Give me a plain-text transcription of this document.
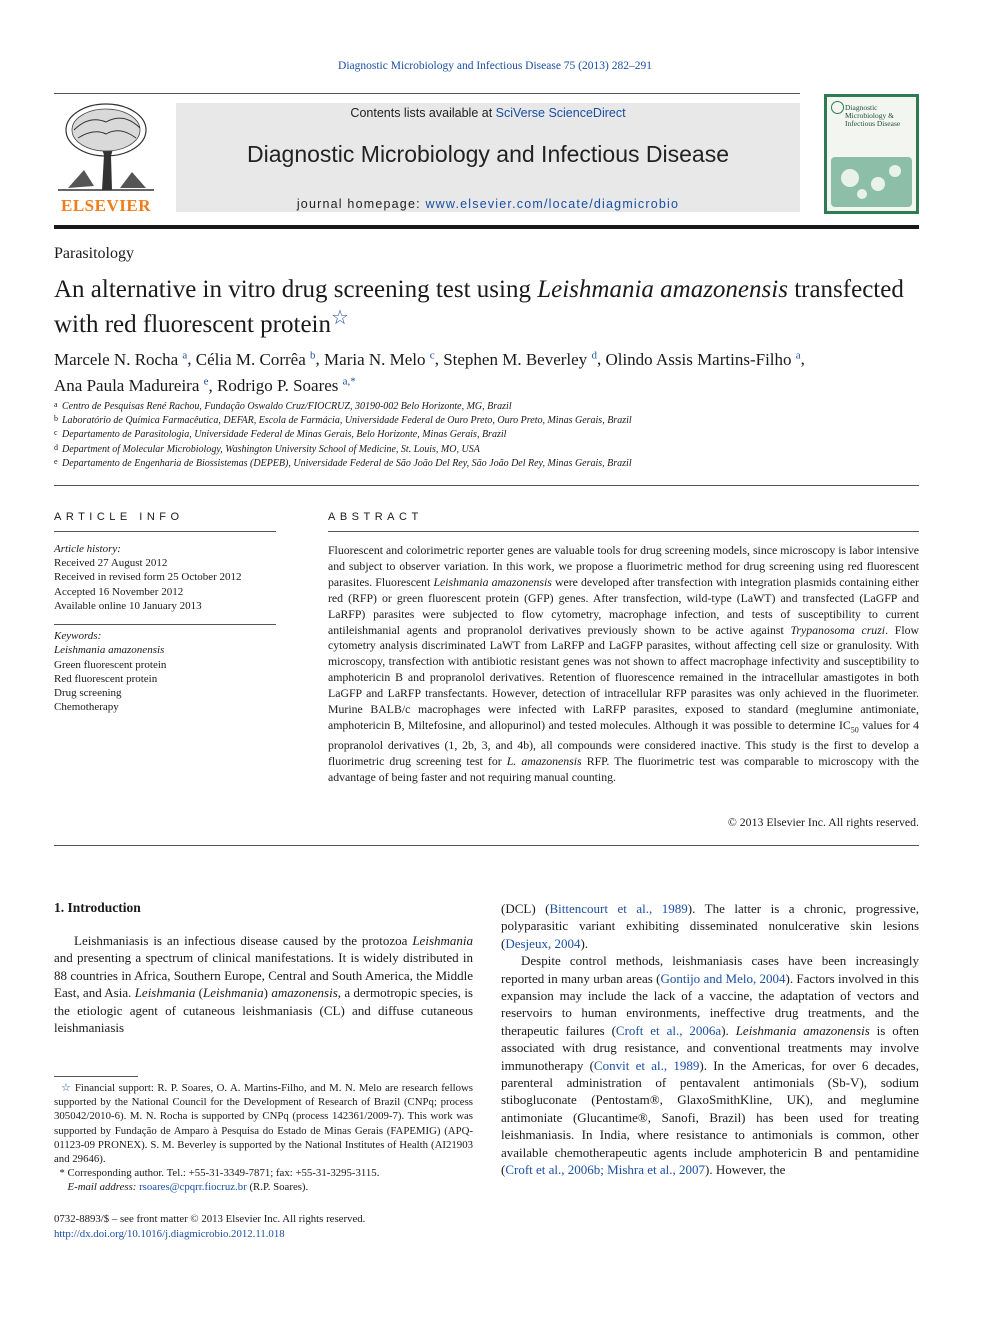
Diagnostic Microbiology and Infectious Disease 75 (2013) 282–291
ELSEVIER
Contents lists available at SciVerse ScienceDirect
Diagnostic Microbiology and Infectious Disease
journal homepage: www.elsevier.com/locate/diagmicrobio
Diagnostic
Microbiology &
Infectious Disease
Parasitology
An alternative in vitro drug screening test using Leishmania amazonensis transfected with red fluorescent protein☆
Marcele N. Rocha $^a$, Célia M. Corrêa $^b$, Maria N. Melo $^c$, Stephen M. Beverley $^d$, Olindo Assis Martins-Filho $^a$,
Ana Paula Madureira $^e$, Rodrigo P. Soares $^{a,*}$
a Centro de Pesquisas René Rachou, Fundação Oswaldo Cruz/FIOCRUZ, 30190-002 Belo Horizonte, MG, Brazil
b Laboratório de Química Farmacêutica, DEFAR, Escola de Farmácia, Universidade Federal de Ouro Preto, Ouro Preto, Minas Gerais, Brazil
c Departamento de Parasitologia, Universidade Federal de Minas Gerais, Belo Horizonte, Minas Gerais, Brazil
d Department of Molecular Microbiology, Washington University School of Medicine, St. Louis, MO, USA
e Departamento de Engenharia de Biossistemas (DEPEB), Universidade Federal de São João Del Rey, São João Del Rey, Minas Gerais, Brazil
ARTICLE INFO
Article history:
Received 27 August 2012
Received in revised form 25 October 2012
Accepted 16 November 2012
Available online 10 January 2013
Keywords:
Leishmania amazonensis
Green fluorescent protein
Red fluorescent protein
Drug screening
Chemotherapy
ABSTRACT
Fluorescent and colorimetric reporter genes are valuable tools for drug screening models, since microscopy is labor intensive and subject to observer variation. In this work, we propose a fluorimetric method for drug screening using red fluorescent parasites. Fluorescent Leishmania amazonensis were developed after transfection with integration plasmids containing either red (RFP) or green fluorescent protein (GFP) genes. After transfection, wild-type (LaWT) and transfected (LaGFP and LaRFP) parasites were subjected to flow cytometry, macrophage infection, and tests of susceptibility to current antileishmanial agents and propranolol derivatives previously shown to be active against Trypanosoma cruzi. Flow cytometry analysis discriminated LaWT from LaRFP and LaGFP parasites, without affecting cell size or granulosity. With microscopy, transfection with antibiotic resistant genes was not shown to affect macrophage infectivity and susceptibility to amphotericin B and propranolol derivatives. Retention of fluorescence remained in the intracellular amastigotes in both LaGFP and LaRFP transfectants. However, detection of intracellular RFP parasites was only achieved in the fluorimeter. Murine BALB/c macrophages were infected with LaRFP parasites, exposed to standard (meglumine antimoniate, amphotericin B, Miltefosine, and allopurinol) and tested molecules. Although it was possible to determine $IC_{50}$ values for 4 propranolol derivatives (1, 2b, 3, and 4b), all compounds were considered inactive. This study is the first to develop a fluorimetric drug screening test for L. amazonensis RFP. The fluorimetric test was comparable to microscopy with the advantage of being faster and not requiring manual counting.
© 2013 Elsevier Inc. All rights reserved.
1. Introduction

Leishmaniasis is an infectious disease caused by the protozoa Leishmania and presenting a spectrum of clinical manifestations. It is widely distributed in 88 countries in Africa, Southern Europe, Central and South America, the Middle East, and Asia. Leishmania (Leishmania) amazonensis, a dermotropic species, is the etiologic agent of cutaneous leishmaniasis (CL) and diffuse cutaneous leishmaniasis

(DCL) (Bittencourt et al., 1989). The latter is a chronic, progressive, polyparasitic variant exhibiting disseminated nonulcerative skin lesions (Desjeux, 2004).

Despite control methods, leishmaniasis cases have been increasingly reported in many urban areas (Gontijo and Melo, 2004). Factors involved in this expansion may include the lack of a vaccine, the adaptation of vectors and reservoirs to human environments, ineffective drug treatments, and the therapeutic failures (Croft et al., 2006a). Leishmania amazonensis is often associated with drug resistance, and conventional treatments may involve immunotherapy (Convit et al., 1989). In the Americas, for over 6 decades, parenteral administration of pentavalent antimonials (Sb-V), sodium stibogluconate (Pentostam®, GlaxoSmithKline, UK), and meglumine antimoniate (Glucantime®, Sanofi, Brazil) has been used for treating leishmaniasis. In India, where resistance to antimonials is common, other available chemotherapeutic agents include amphotericin B and pentamidine (Croft et al., 2006b; Mishra et al., 2007). However, the

☆ Financial support: R. P. Soares, O. A. Martins-Filho, and M. N. Melo are research fellows supported by the National Council for the Development of Research of Brazil (CNPq; process 305042/2010-6). M. N. Rocha is supported by CNPq (process 142361/2009-7). This work was supported by Fundação de Amparo à Pesquisa do Estado de Minas Gerais (FAPEMIG) (APQ-01123-09 PRONEX). S. M. Beverley is supported by the National Institutes of Health (AI21903 and 29646).

* Corresponding author. Tel.: +55-31-3349-7871; fax: +55-31-3295-3115.

E-mail address: rsoares@cpqrr.fiocruz.br (R.P. Soares).

0732-8893/$ – see front matter © 2013 Elsevier Inc. All rights reserved.
http://dx.doi.org/10.1016/j.diagmicrobio.2012.11.018
